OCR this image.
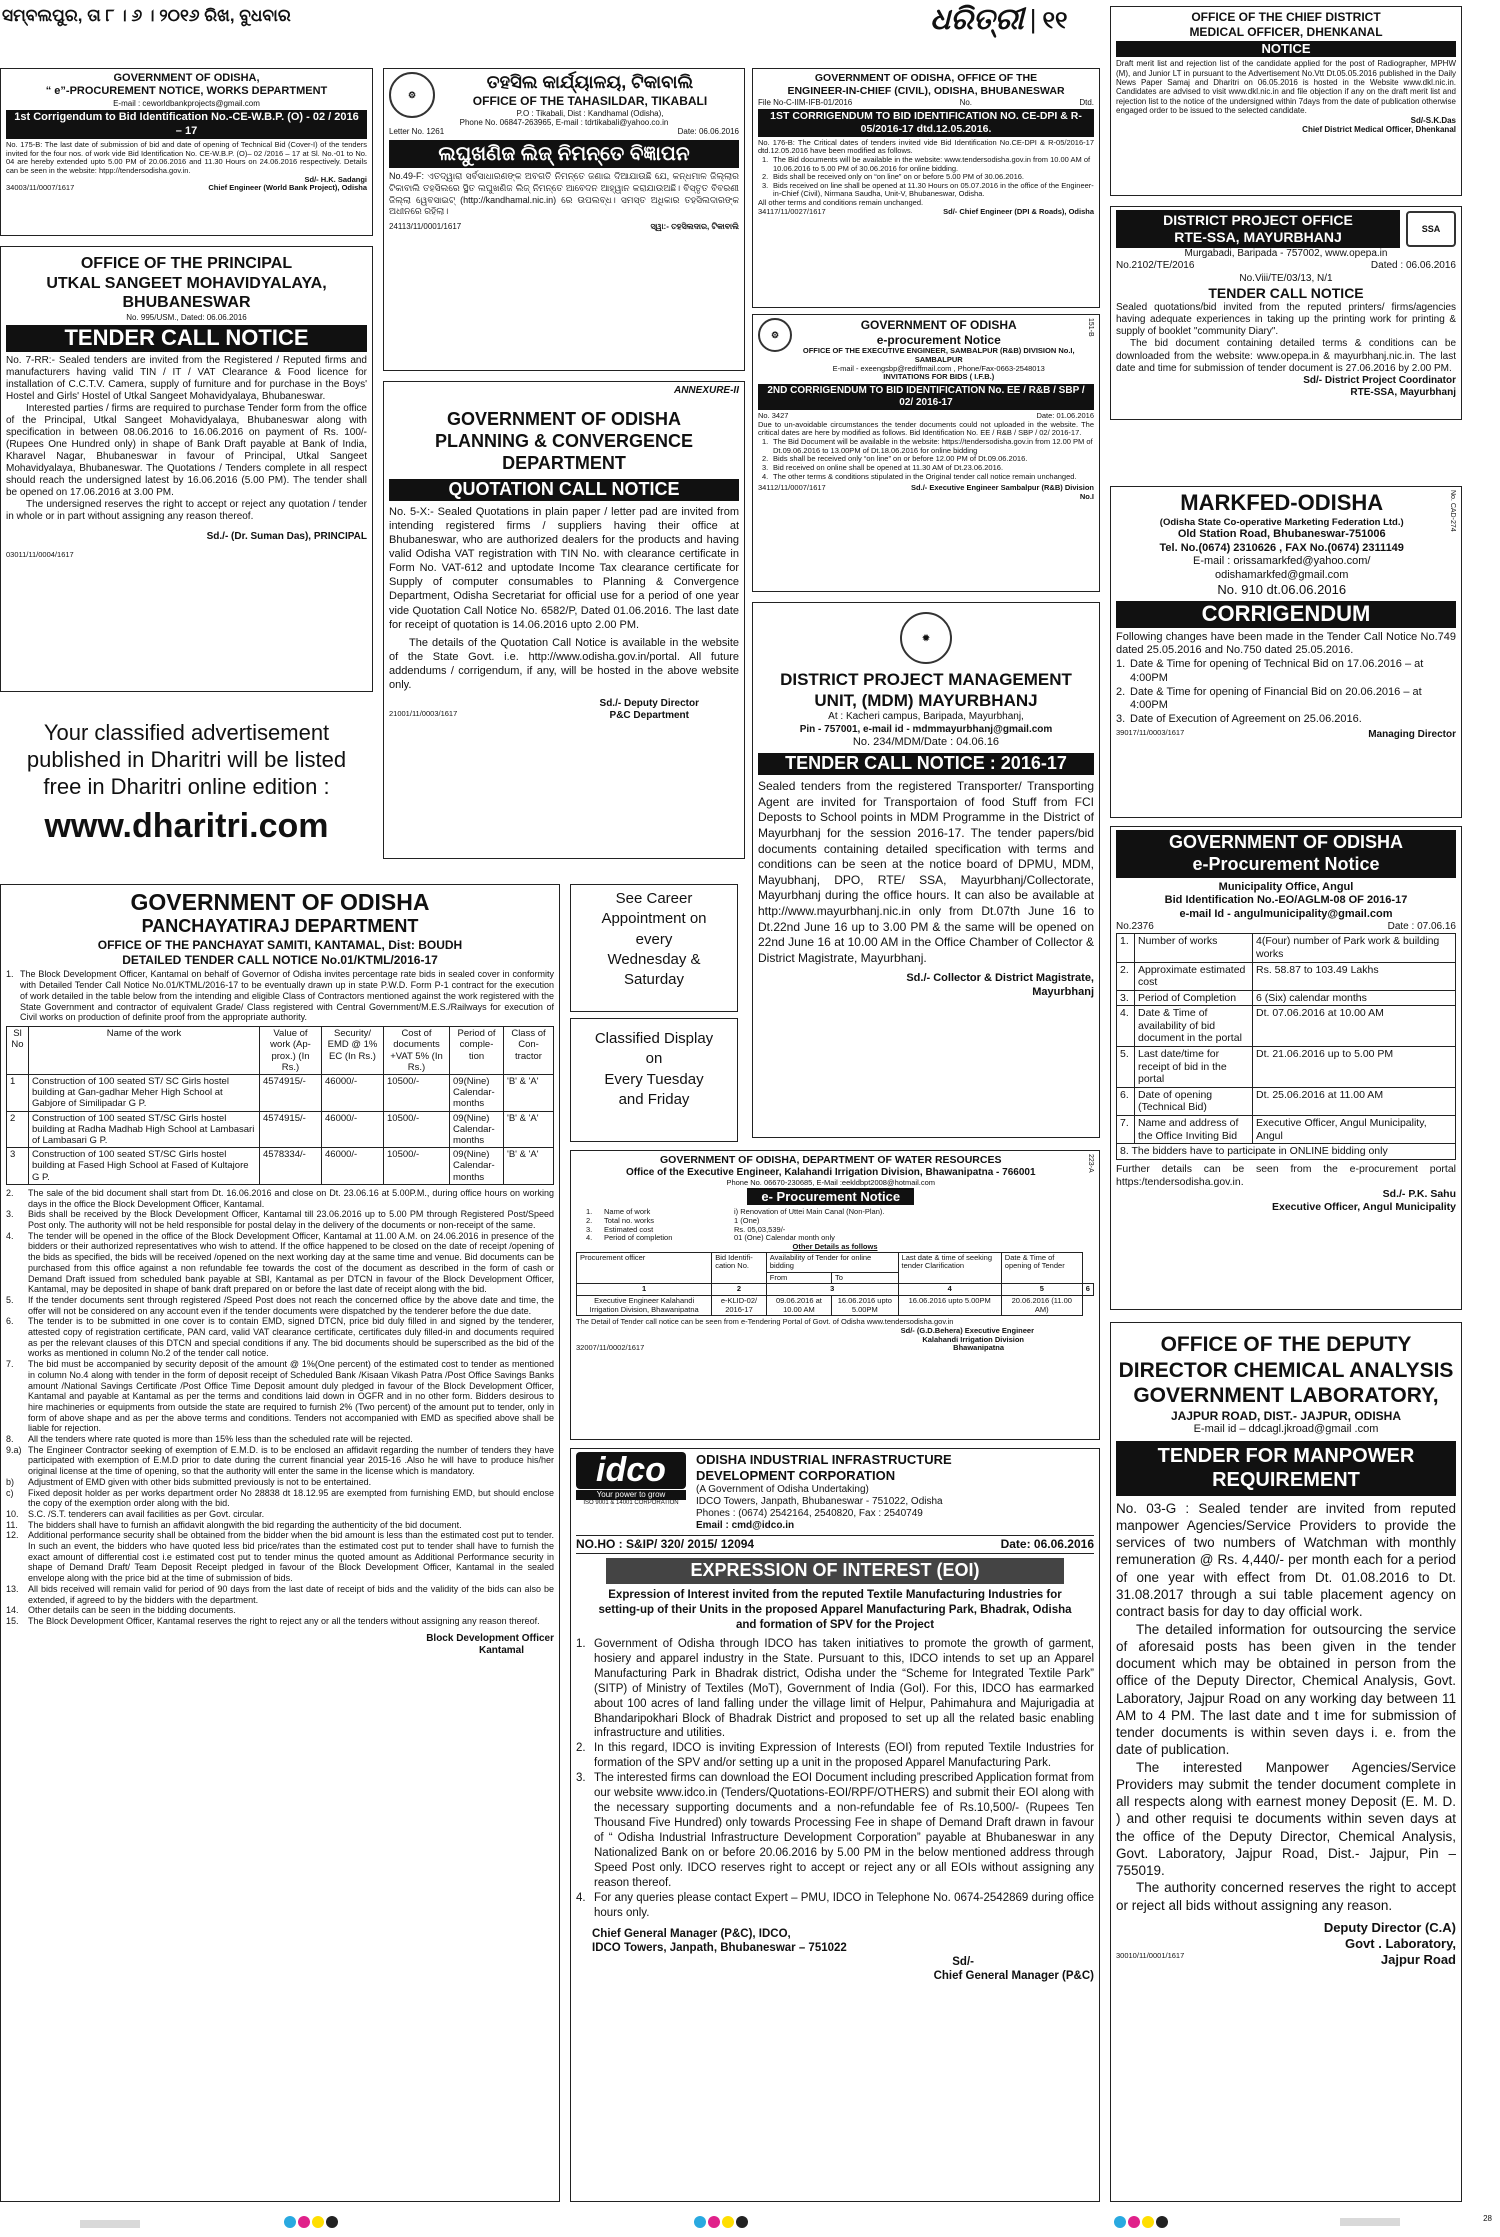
ସମ୍ବଲପୁର, ତା ୮ । ୬ । ୨୦୧୬ ରିଖ, ବୁଧବାର	ଧରିତ୍ରୀ | ୧୧
GOVERNMENT OF ODISHA,
“ e”-PROCUREMENT NOTICE, WORKS DEPARTMENT
E-mail : ceworldbankprojects@gmail.com
1st Corrigendum to Bid Identification No.-CE-W.B.P. (O) - 02 / 2016 – 17
No. 175-B: The last date of submission of bid and date of opening of Technical Bid (Cover-I) of the tenders invited for the four nos. of work vide Bid Identification No. CE-W.B.P. (O)– 02 /2016 – 17 at Sl. No.-01 to No. 04 are hereby extended upto 5.00 PM of 20.06.2016 and 11.30 Hours on 24.06.2016 respectively. Details can be seen in the website: htpp://tendersodisha.gov.in.
Sd/- H.K. Sadangi
34003/11/0007/1617	Chief Engineer (World Bank Project), Odisha
OFFICE OF THE PRINCIPAL
UTKAL SANGEET MOHAVIDYALAYA,
BHUBANESWAR
No. 995/USM., Dated: 06.06.2016
TENDER CALL NOTICE
No. 7-RR:- Sealed tenders are invited from the Registered / Reputed firms and manufacturers having valid TIN / IT / VAT Clearance & Food licence for installation of C.C.T.V. Camera, supply of furniture and for purchase in the Boys' Hostel and Girls' Hostel of Utkal Sangeet Mohavidyalaya, Bhubaneswar.
Interested parties / firms are required to purchase Tender form from the office of the Principal, Utkal Sangeet Mohavidyalaya, Bhubaneswar along with specification in between 08.06.2016 to 16.06.2016 on payment of Rs. 100/- (Rupees One Hundred only) in shape of Bank Draft payable at Bank of India, Kharavel Nagar, Bhubaneswar in favour of Principal, Utkal Sangeet Mohavidyalaya, Bhubaneswar. The Quotations / Tenders complete in all respect should reach the undersigned latest by 16.06.2016 (5.00 PM). The tender shall be opened on 17.06.2016 at 3.00 PM.
The undersigned reserves the right to accept or reject any quotation / tender in whole or in part without assigning any reason thereof.
Sd./- (Dr. Suman Das), PRINCIPAL
03011/11/0004/1617
Your classified advertisement
published in Dharitri will be listed
free in Dharitri online edition :
www.dharitri.com
⚙
ତହସିଲ କାର୍ଯ୍ୟାଳୟ, ଟିକାବାଲି
OFFICE OF THE TAHASILDAR, TIKABALI
P.O : Tikabali, Dist : Kandhamal (Odisha),
Phone No. 06847-263965, E-mail : tdrtikabali@yahoo.co.in
Letter No. 1261	Date: 06.06.2016
ଲଘୁଖଣିଜ ଲିଜ୍ ନିମନ୍ତେ ବିଜ୍ଞାପନ
No.49-F: ଏତଦ୍ୱାରା ସର୍ବସାଧାରଣଙ୍କ ଅବଗତି ନିମନ୍ତେ ଜଣାଇ ଦିଆଯାଉଛି ଯେ, କନ୍ଧମାଳ ଜିଲ୍ଲାର ଟିକାବାଲି ତହସିଲରେ ସ୍ଥିତ ଲଘୁଖଣିଜ ଲିଜ୍ ନିମନ୍ତେ ଆବେଦନ ଆହ୍ୱାନ କରାଯାଉଅଛି। ବିସ୍ତୃତ ବିବରଣୀ ଜିଲ୍ଲା ୱେବସାଇଟ୍ (http://kandhamal.nic.in) ରେ ଉପଲବ୍ଧ। ସମସ୍ତ ଅଧିକାର ତହସିଲଦାରଙ୍କ ଅଧୀନରେ ରହିଲା।
24113/11/0001/1617	ସ୍ୱା:- ତହସିଲଦାର, ଟିକାବାଲି
ANNEXURE-II
GOVERNMENT OF ODISHA
PLANNING & CONVERGENCE
DEPARTMENT
QUOTATION CALL NOTICE
No. 5-X:- Sealed Quotations in plain paper / letter pad are invited from intending registered firms / suppliers having their office at Bhubaneswar, who are authorized dealers for the products and having valid Odisha VAT registration with TIN No. with clearance certificate in Form No. VAT-612 and uptodate Income Tax clearance certificate for Supply of computer consumables to Planning & Convergence Department, Odisha Secretariat for official use for a period of one year vide Quotation Call Notice No. 6582/P, Dated 01.06.2016. The last date for receipt of quotation is 14.06.2016 upto 2.00 PM.
The details of the Quotation Call Notice is available in the website of the State Govt. i.e. http://www.odisha.gov.in/portal. All future addendums / corrigendum, if any, will be hosted in the above website only.
Sd./- Deputy Director
21001/11/0003/1617	P&C Department
GOVERNMENT OF ODISHA, OFFICE OF THE
ENGINEER-IN-CHIEF (CIVIL), ODISHA, BHUBANESWAR
File No-C-IIM-IFB-01/2016	No.	Dtd.
1ST CORRIGENDUM TO BID IDENTIFICATION NO. CE-DPI & R-05/2016-17 dtd.12.05.2016.
No. 176-B: The Critical dates of tenders invited vide Bid Identification No.CE-DPI & R-05/2016-17 dtd.12.05.2016 have been modified as follows.
1. The Bid documents will be available in the website: www.tendersodisha.gov.in from 10.00 AM of 10.06.2016 to 5.00 PM of 30.06.2016 for online bidding.
2. Bids shall be received only on “on line” on or before 5.00 PM of 30.06.2016.
3. Bids received on line shall be opened at 11.30 Hours on 05.07.2016 in the office of the Engineer-in-Chief (Civil), Nirmana Saudha, Unit-V, Bhubaneswar, Odisha.
All other terms and conditions remain unchanged.
34117/11/0027/1617	Sd/- Chief Engineer (DPI & Roads), Odisha
⚙
GOVERNMENT OF ODISHA
e-procurement Notice
OFFICE OF THE EXECUTIVE ENGINEER, SAMBALPUR (R&B) DIVISION No.I, SAMBALPUR
E-mail - exeengsbp@rediffmail.com , Phone/Fax-0663-2548013
INVITATIONS FOR BIDS ( I.F.B.)
151-B
2ND CORRIGENDUM TO BID IDENTIFICATION No. EE / R&B / SBP / 02/ 2016-17
No. 3427	Date: 01.06.2016
Due to un-avoidable circumstances the tender documents could not uploaded in the website. The critical dates are here by modified as follows. Bid Identification No. EE / R&B / SBP / 02/ 2016-17.
1. The Bid Document will be available in the website: https://tendersodisha.gov.in from 12.00 PM of Dt.09.06.2016 to 13.00PM of Dt.18.06.2016 for online bidding
2. Bids shall be received only “on line” on or before 12.00 PM of Dt.09.06.2016.
3. Bid received on online shall be opened at 11.30 AM of Dt.23.06.2016.
4. The other terms & conditions stipulated in the Original tender call notice remain unchanged.
34112/11/0007/1617	Sd./- Executive Engineer Sambalpur (R&B) Division No.I
✹
DISTRICT PROJECT MANAGEMENT
UNIT, (MDM) MAYURBHANJ
At : Kacheri campus, Baripada, Mayurbhanj,
Pin - 757001, e-mail id - mdmmayurbhanj@gmail.com
No. 234/MDM/Date : 04.06.16
TENDER CALL NOTICE : 2016-17
Sealed tenders from the registered Transporter/ Transporting Agent are invited for Transportaion of food Stuff from FCI Deposts to School points in MDM Programme in the District of Mayurbhanj for the session 2016-17. The tender papers/bid documents containing detailed specification with terms and conditions can be seen at the notice board of DPMU, MDM, Mayubhanj, DPO, RTE/ SSA, Mayurbhanj/Collectorate, Mayurbhanj during the office hours. It can also be available at http://www.mayurbhanj.nic.in only from Dt.07th June 16 to Dt.22nd June 16 up to 3.00 PM & the same will be opened on 22nd June 16 at 10.00 AM in the Office Chamber of Collector & District Magistrate, Mayurbhanj.
Sd./- Collector & District Magistrate,
Mayurbhanj
OFFICE OF THE CHIEF DISTRICT
MEDICAL OFFICER, DHENKANAL
NOTICE
Draft merit list and rejection list of the candidate applied for the post of Radiographer, MPHW (M), and Junior LT in pursuant to the Advertisement No.Vtt Dt.05.05.2016 published in the Daily News Paper Samaj and Dharitri on 06.05.2016 is hosted in the Website www.dkl.nic.in. Candidates are advised to visit www.dkl.nic.in and file objection if any on the draft merit list and rejection list to the notice of the undersigned within 7days from the date of publication otherwise engaged order to be issued to the selected candidate.
Sd/-S.K.Das
Chief District Medical Officer, Dhenkanal
DISTRICT PROJECT OFFICE
RTE-SSA, MAYURBHANJ
SSA
Murgabadi, Baripada - 757002, www.opepa.in
No.2102/TE/2016	Dated : 06.06.2016
No.Viii/TE/03/13, N/1
TENDER CALL NOTICE
Sealed quotations/bid invited from the reputed printers/ firms/agencies having adequate experiences in taking up the printing work for printing & supply of booklet "community Diary".
The bid document containing detailed terms & conditions can be downloaded from the website: www.opepa.in & mayurbhanj.nic.in. The last date and time for submission of tender document is 27.06.2016 by 2.00 PM.
Sd/- District Project Coordinator
RTE-SSA, Mayurbhanj
MARKFED-ODISHA
(Odisha State Co-operative Marketing Federation Ltd.)
Old Station Road, Bhubaneswar-751006
Tel. No.(0674) 2310626 , FAX No.(0674) 2311149
E-mail : orissamarkfed@yahoo.com/
odishamarkfed@gmail.com
No. 910 dt.06.06.2016
No. CAD-274
CORRIGENDUM
Following changes have been made in the Tender Call Notice No.749 dated 25.05.2016 and No.750 dated 25.05.2016.
1. Date & Time for opening of Technical Bid on 17.06.2016 – at 4:00PM
2. Date & Time for opening of Financial Bid on 20.06.2016 – at 4:00PM
3. Date of Execution of Agreement on 25.06.2016.
39017/11/0003/1617	Managing Director
GOVERNMENT OF ODISHA
e-Procurement Notice
Municipality Office, Angul
Bid Identification No.-EO/AGLM-08 OF 2016-17
e-mail Id - angulmunicipality@gmail.com
No.2376	Date : 07.06.16
1.	Number of works	4(Four) number of Park work & building works
2.	Approximate estimated cost	Rs. 58.87 to 103.49 Lakhs
3.	Period of Completion	6 (Six) calendar months
4.	Date & Time of availability of bid document in the portal	Dt. 07.06.2016 at 10.00 AM
5.	Last date/time for receipt of bid in the portal	Dt. 21.06.2016 up to 5.00 PM
6.	Date of opening (Technical Bid)	Dt. 25.06.2016 at 11.00 AM
7.	Name and address of the Office Inviting Bid	Executive Officer, Angul Municipality, Angul
8. The bidders have to participate in ONLINE bidding only		
Further details can be seen from the e-procurement portal https:/tendersodisha.gov.in.
Sd./- P.K. Sahu
Executive Officer, Angul Municipality
OFFICE OF THE DEPUTY
DIRECTOR CHEMICAL ANALYSIS
GOVERNMENT LABORATORY,
JAJPUR ROAD, DIST.- JAJPUR, ODISHA
E-mail id – ddcagl.jkroad@gmail .com
TENDER FOR MANPOWER REQUIREMENT
No. 03-G : Sealed tender are invited from reputed manpower Agencies/Service Providers to provide the services of two numbers of Watchman with monthly remuneration @ Rs. 4,440/- per month each for a period of one year with effect from Dt. 01.08.2016 to Dt. 31.08.2017 through a sui table placement agency on contract basis for day to day official work.
The detailed information for outsourcing the service of aforesaid posts has been given in the tender document which may be obtained in person from the office of the Deputy Director, Chemical Analysis, Govt. Laboratory, Jajpur Road on any working day between 11 AM to 4 PM. The last date and t ime for submission of tender documents is within seven days i. e. from the date of publication.
The interested Manpower Agencies/Service Providers may submit the tender document complete in all respects along with earnest money Deposit (E. M. D. ) and other requisi te documents within seven days at the office of the Deputy Director, Chemical Analysis, Govt. Laboratory, Jajpur Road, Dist.- Jajpur, Pin – 755019.
The authority concerned reserves the right to accept or reject all bids without assigning any reason.
Deputy Director (C.A)
Govt . Laboratory,
30010/11/0001/1617	Jajpur Road
GOVERNMENT OF ODISHA
PANCHAYATIRAJ DEPARTMENT
OFFICE OF THE PANCHAYAT SAMITI, KANTAMAL, Dist: BOUDH
DETAILED TENDER CALL NOTICE No.01/KTML/2016-17
1. The Block Development Officer, Kantamal on behalf of Governor of Odisha invites percentage rate bids in sealed cover in conformity with Detailed Tender Call Notice No.01/KTML/2016-17 to be eventually drawn up in state P.W.D. Form P-1 contract for the execution of work detailed in the table below from the intending and eligible Class of Contractors mentioned against the work registered with the State Government and contractor of equivalent Grade/ Class registered with Central Government/M.E.S./Railways for execution of Civil works on production of definite proof from the appropriate authority.
Sl No	Name of the work	Value of work (Ap-prox.) (In Rs.)	Security/ EMD @ 1% EC (In Rs.)	Cost of documents +VAT 5% (In Rs.)	Period of comple-tion	Class of Con-tractor
1	Construction of 100 seated ST/ SC Girls hostel building at Gan-gadhar Meher High School at Gabjore of Similipadar G P.	4574915/-	46000/-	10500/-	09(Nine) Calendar-months	'B' & 'A'
2	Construction of 100 seated ST/SC Girls hostel building at Radha Madhab High School at Lambasari of Lambasari G P.	4574915/-	46000/-	10500/-	09(Nine) Calendar-months	'B' & 'A'
3	Construction of 100 seated ST/SC Girls hostel building at Fased High School at Fased of Kultajore G P.	4578334/-	46000/-	10500/-	09(Nine) Calendar-months	'B' & 'A'
2.	The sale of the bid document shall start from Dt. 16.06.2016 and close on Dt. 23.06.16 at 5.00P.M., during office hours on working days in the office the Block Development Officer, Kantamal.
3.	Bids shall be received by the Block Development Officer, Kantamal till 23.06.2016 up to 5.00 PM through Registered Post/Speed Post only. The authority will not be held responsible for postal delay in the delivery of the documents or non-receipt of the same.
4.	The tender will be opened in the office of the Block Development Officer, Kantamal at 11.00 A.M. on 24.06.2016 in presence of the bidders or their authorized representatives who wish to attend. If the office happened to be closed on the date of receipt /opening of the bids as specified, the bids will be received /opened on the next working day at the same time and venue. Bid documents can be purchased from this office against a non refundable fee towards the cost of the document as described in the form of cash or Demand Draft issued from scheduled bank payable at SBI, Kantamal as per DTCN in favour of the Block Development Officer, Kantamal, may be deposited in shape of bank draft prepared on or before the last date of receipt along with the bid.
5.	If the tender documents sent through registered /Speed Post does not reach the concerned office by the above date and time, the offer will not be considered on any account even if the tender documents were dispatched by the tenderer before the due date.
6.	The tender is to be submitted in one cover is to contain EMD, signed DTCN, price bid duly filled in and signed by the tenderer, attested copy of registration certificate, PAN card, valid VAT clearance certificate, certificates duly filled-in and documents required as per the relevant clauses of this DTCN and special conditions if any. The bid documents should be superscribed as the bid of the works as mentioned in column No.2 of the tender call notice.
7.	The bid must be accompanied by security deposit of the amount @ 1%(One percent) of the estimated cost to tender as mentioned in column No.4 along with tender in the form of deposit receipt of Scheduled Bank /Kisaan Vikash Patra /Post Office Savings Banks amount /National Savings Certificate /Post Office Time Deposit amount duly pledged in favour of the Block Development Officer, Kantamal and payable at Kantamal as per the terms and conditions laid down in OGFR and in no other form. Bidders desirous to hire machineries or equipments from outside the state are required to furnish 2% (Two percent) of the amount put to tender, only in form of above shape and as per the above terms and conditions. Tenders not accompanied with EMD as specified above shall be liable for rejection.
8.	All the tenders where rate quoted is more than 15% less than the scheduled rate will be rejected.
9.a) The Engineer Contractor seeking of exemption of E.M.D. is to be enclosed an affidavit regarding the number of tenders they have participated with exemption of E.M.D prior to date during the current financial year 2015-16 .Also he will have to produce his/her original license at the time of opening, so that the authority will enter the same in the license which is mandatory.
b)	Adjustment of EMD given with other bids submitted previously is not to be entertained.
c)	Fixed deposit holder as per works department order No 28838 dt 18.12.95 are exempted from furnishing EMD, but should enclose the copy of the exemption order along with the bid.
10.	S.C. /S.T. tenderers can avail facilities as per Govt. circular.
11.	The bidders shall have to furnish an affidavit alongwith the bid regarding the authenticity of the bid document.
12.	Additional performance security shall be obtained from the bidder when the bid amount is less than the estimated cost put to tender. In such an event, the bidders who have quoted less bid price/rates than the estimated cost put to tender shall have to furnish the exact amount of differential cost i.e estimated cost put to tender minus the quoted amount as Additional Performance security in shape of Demand Draft/ Team Deposit Receipt pledged in favour of the Block Development Officer, Kantamal in the sealed envelope along with the price bid at the time of submission of bids.
13.	All bids received will remain valid for period of 90 days from the last date of receipt of bids and the validity of the bids can also be extended, if agreed to by the bidders with the department.
14.	Other details can be seen in the bidding documents.
15.	The Block Development Officer, Kantamal reserves the right to reject any or all the tenders without assigning any reason thereof.
Block Development Officer
Kantamal
See Career
Appointment on
every
Wednesday &
Saturday
Classified Display
on
Every Tuesday
and Friday
GOVERNMENT OF ODISHA, DEPARTMENT OF WATER RESOURCES
Office of the Executive Engineer, Kalahandi Irrigation Division, Bhawanipatna - 766001
Phone No. 06670-230685, E-Mail :eekldbpt2008@hotmail.com
e- Procurement Notice
223-A
1.	Name of work	i) Renovation of Uttei Main Canal (Non-Plan).
2.	Total no. works	1 (One)
3.	Estimated cost	Rs. 05,03,539/-
4.	Period of completion	01 (One) Calendar month only
Other Details as follows
Procurement officer	Bid Identifi-cation No.	Availability of Tender for online bidding		Last date & time of seeking tender Clarification	Date & Time of opening of Tender	
		From	To			
1	2	3		4	5	6
Executive Engineer Kalahandi Irrigation Division, Bhawanipatna	e-KLID-02/ 2016-17	09.06.2016 at 10.00 AM	16.06.2016 upto 5.00PM	16.06.2016 upto 5.00PM	20.06.2016 (11.00 AM)	
The Detail of Tender call notice can be seen from e-Tendering Portal of Govt. of Odisha www.tendersodisha.gov.in
Sd/- (G.D.Behera) Executive Engineer
Kalahandi Irrigation Division
32007/11/0002/1617	Bhawanipatna
idco
Your power to grow
ISO 9001 & 14001 CORPORATION
ODISHA INDUSTRIAL INFRASTRUCTURE
DEVELOPMENT CORPORATION
(A Government of Odisha Undertaking)
IDCO Towers, Janpath, Bhubaneswar - 751022, Odisha
Phones : (0674) 2542164, 2540820, Fax : 2540749
Email : cmd@idco.in
NO.HO : S&IP/ 320/ 2015/ 12094	Date: 06.06.2016
EXPRESSION OF INTEREST (EOI)
Expression of Interest invited from the reputed Textile Manufacturing Industries for setting-up of their Units in the proposed Apparel Manufacturing Park, Bhadrak, Odisha and formation of SPV for the Project
1. Government of Odisha through IDCO has taken initiatives to promote the growth of garment, hosiery and apparel industry in the State. Pursuant to this, IDCO intends to set up an Apparel Manufacturing Park in Bhadrak district, Odisha under the “Scheme for Integrated Textile Park” (SITP) of Ministry of Textiles (MoT), Government of India (GoI). For this, IDCO has earmarked about 100 acres of land falling under the village limit of Helpur, Pahimahura and Majurigadia at Bhandaripokhari Block of Bhadrak District and proposed to set up all the related basic enabling infrastructure and utilities.
2. In this regard, IDCO is inviting Expression of Interests (EOI) from reputed Textile Industries for formation of the SPV and/or setting up a unit in the proposed Apparel Manufacturing Park.
3. The interested firms can download the EOI Document including prescribed Application format from our website www.idco.in (Tenders/Quotations-EOI/RPF/OTHERS) and submit their EOI along with the necessary supporting documents and a non-refundable fee of Rs.10,500/- (Rupees Ten Thousand Five Hundred) only towards Processing Fee in shape of Demand Draft drawn in favour of “ Odisha Industrial Infrastructure Development Corporation” payable at Bhubaneswar in any Nationalized Bank on or before 20.06.2016 by 5.00 PM in the below mentioned address through Speed Post only. IDCO reserves right to accept or reject any or all EOIs without assigning any reason thereof.
4. For any queries please contact Expert – PMU, IDCO in Telephone No. 0674-2542869 during office hours only.
Chief General Manager (P&C), IDCO,
IDCO Towers, Janpath, Bhubaneswar – 751022
Sd/-
Chief General Manager (P&C)
28
